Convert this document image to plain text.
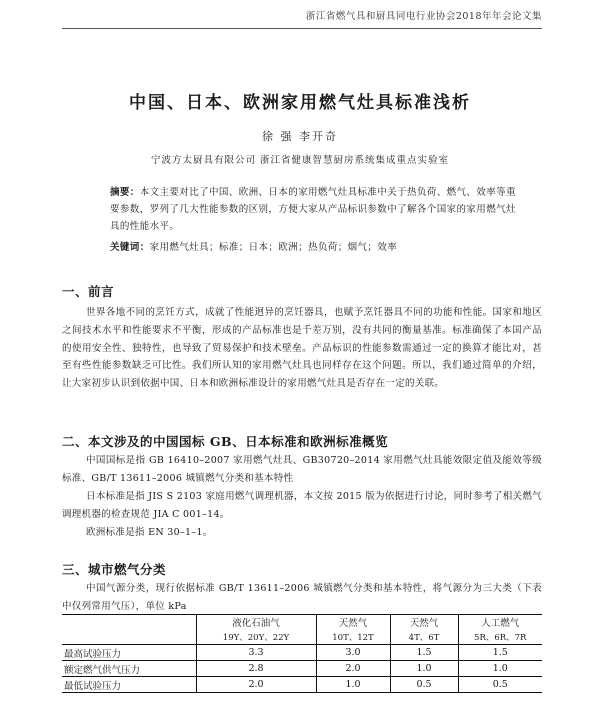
浙江省燃气具和厨具同电行业协会2018年年会论文集
中国、日本、欧洲家用燃气灶具标准浅析
徐 强 李开奇
宁波方太厨具有限公司 浙江省健康智慧厨房系统集成重点实验室
摘要：本文主要对比了中国、欧洲、日本的家用燃气灶具标准中关于热负荷、燃气、效率等重要参数，罗列了几大性能参数的区别，方便大家从产品标识参数中了解各个国家的家用燃气灶具的性能水平。
关键词：家用燃气灶具；标准；日本；欧洲；热负荷；烟气；效率
一、前言
世界各地不同的烹饪方式，成就了性能迥异的烹饪器具，也赋予烹饪器具不同的功能和性能。国家和地区之间技术水平和性能要求不平衡，形成的产品标准也是千差万别，没有共同的衡量基准。标准确保了本国产品的使用安全性、独特性，也导致了贸易保护和技术壁垒。产品标识的性能参数需通过一定的换算才能比对，甚至有些性能参数缺乏可比性。我们所认知的家用燃气灶具也同样存在这个问题。所以，我们通过简单的介绍，让大家初步认识到依据中国、日本和欧洲标准设计的家用燃气灶具是否存在一定的关联。
二、本文涉及的中国国标 GB、日本标准和欧洲标准概览
中国国标是指 GB 16410–2007 家用燃气灶具、GB30720–2014 家用燃气灶具能效限定值及能效等级标准、GB/T 13611–2006 城镇燃气分类和基本特性
日本标准是指 JIS S 2103 家庭用燃气调理机器，本文按 2015 版为依据进行讨论，同时参考了相关燃气调理机器的检查规范 JIA C 001–14。
欧洲标准是指 EN 30–1–1。
三、城市燃气分类
中国气源分类，现行依据标准 GB/T 13611–2006 城镇燃气分类和基本特性，将气源分为三大类（下表中仅列常用气压），单位 kPa
	液化石油气	天然气	天然气	人工燃气
	19Y、20Y、22Y	10T、12T	4T、6T	5R、6R、7R
最高试验压力	3.3	3.0	1.5	1.5
额定燃气供气压力	2.8	2.0	1.0	1.0
最低试验压力	2.0	1.0	0.5	0.5
